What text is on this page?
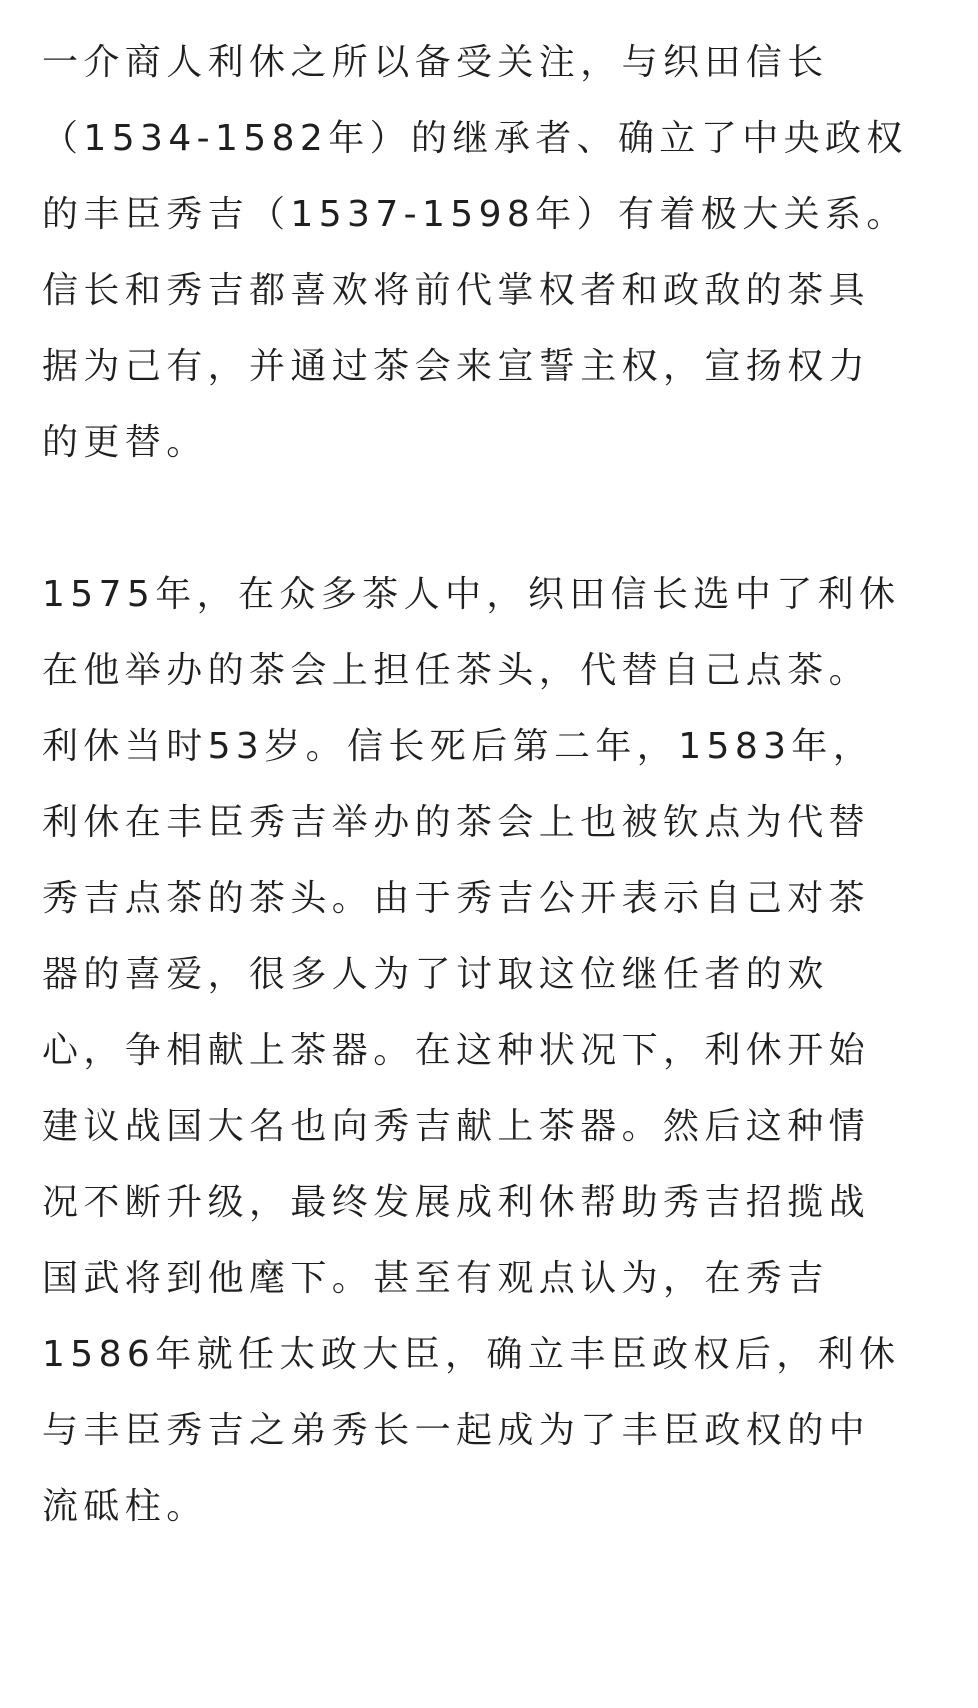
一介商人利休之所以备受关注，与织田信长
（1534-1582年）的继承者、确立了中央政权
的丰臣秀吉（1537-1598年）有着极大关系。
信长和秀吉都喜欢将前代掌权者和政敌的茶具
据为己有，并通过茶会来宣誓主权，宣扬权力
的更替。
1575年，在众多茶人中，织田信长选中了利休
在他举办的茶会上担任茶头，代替自己点茶。
利休当时53岁。信长死后第二年，1583年，
利休在丰臣秀吉举办的茶会上也被钦点为代替
秀吉点茶的茶头。由于秀吉公开表示自己对茶
器的喜爱，很多人为了讨取这位继任者的欢
心，争相献上茶器。在这种状况下，利休开始
建议战国大名也向秀吉献上茶器。然后这种情
况不断升级，最终发展成利休帮助秀吉招揽战
国武将到他麾下。甚至有观点认为，在秀吉
1586年就任太政大臣，确立丰臣政权后，利休
与丰臣秀吉之弟秀长一起成为了丰臣政权的中
流砥柱。
